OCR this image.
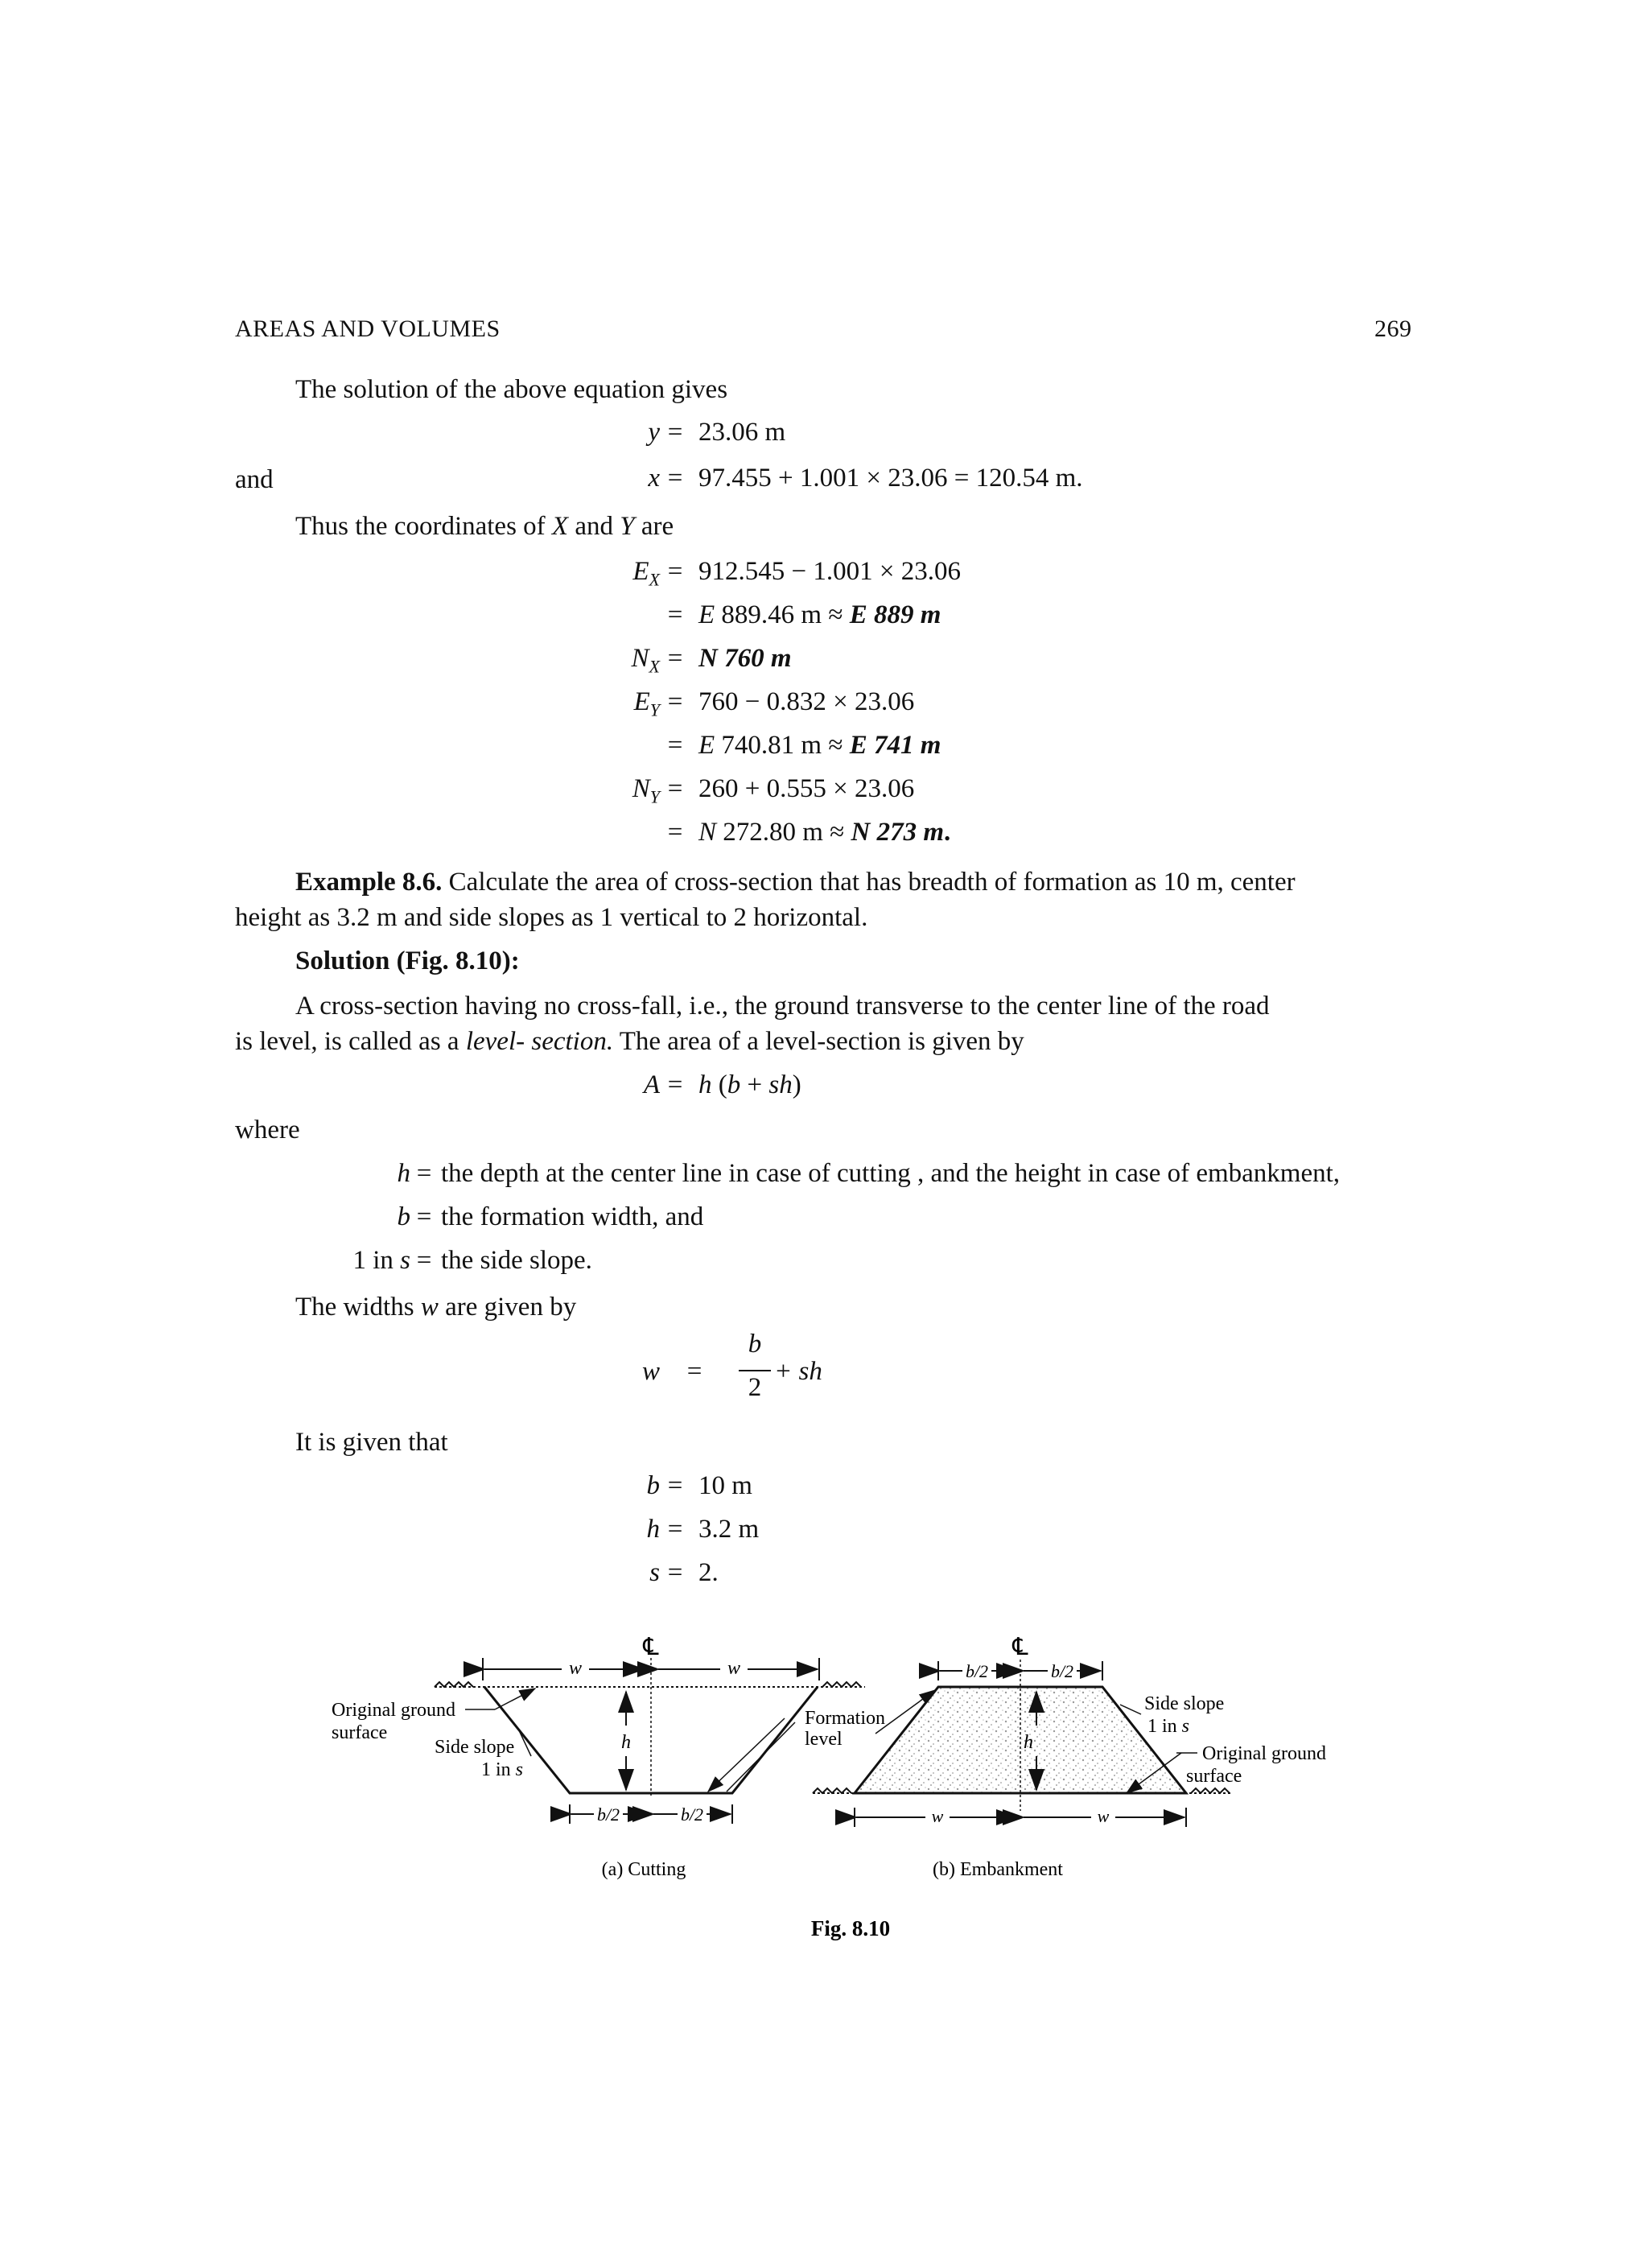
AREAS AND VOLUMES	269
The solution of the above equation gives
y = 23.06 m
and	x = 97.455 + 1.001 × 23.06 = 120.54 m.
Thus the coordinates of X and Y are
$E_X = 912.545 - 1.001 \times 23.06$
= E 889.46 m ≈ E 889 m
$N_X = N$ 760 m
$E_Y = 760 - 0.832 \times 23.06$
= E 740.81 m ≈ E 741 m
$N_Y = 260 + 0.555 \times 23.06$
= N 272.80 m ≈ N 273 m.
Example 8.6. Calculate the area of cross-section that has breadth of formation as 10 m, center
height as 3.2 m and side slopes as 1 vertical to 2 horizontal.
Solution (Fig. 8.10):
A cross-section having no cross-fall, i.e., the ground transverse to the center line of the road
is level, is called as a level- section. The area of a level-section is given by
A = h (b + sh)
where
h = the depth at the center line in case of cutting , and the height in case of embankment,
b = the formation width, and
1 in s = the side slope.
The widths w are given by
w =
b
2
+ sh
It is given that
b = 10 m
h = 3.2 m
s = 2.
w	w
℄
h
b/2	b/2
Original ground
surface
Side slope
1 in s
(a) Cutting
℄
b/2	b/2
h
w	w
Formation
level
Side slope
1 in s
Original ground
surface
(b) Embankment
Fig. 8.10
